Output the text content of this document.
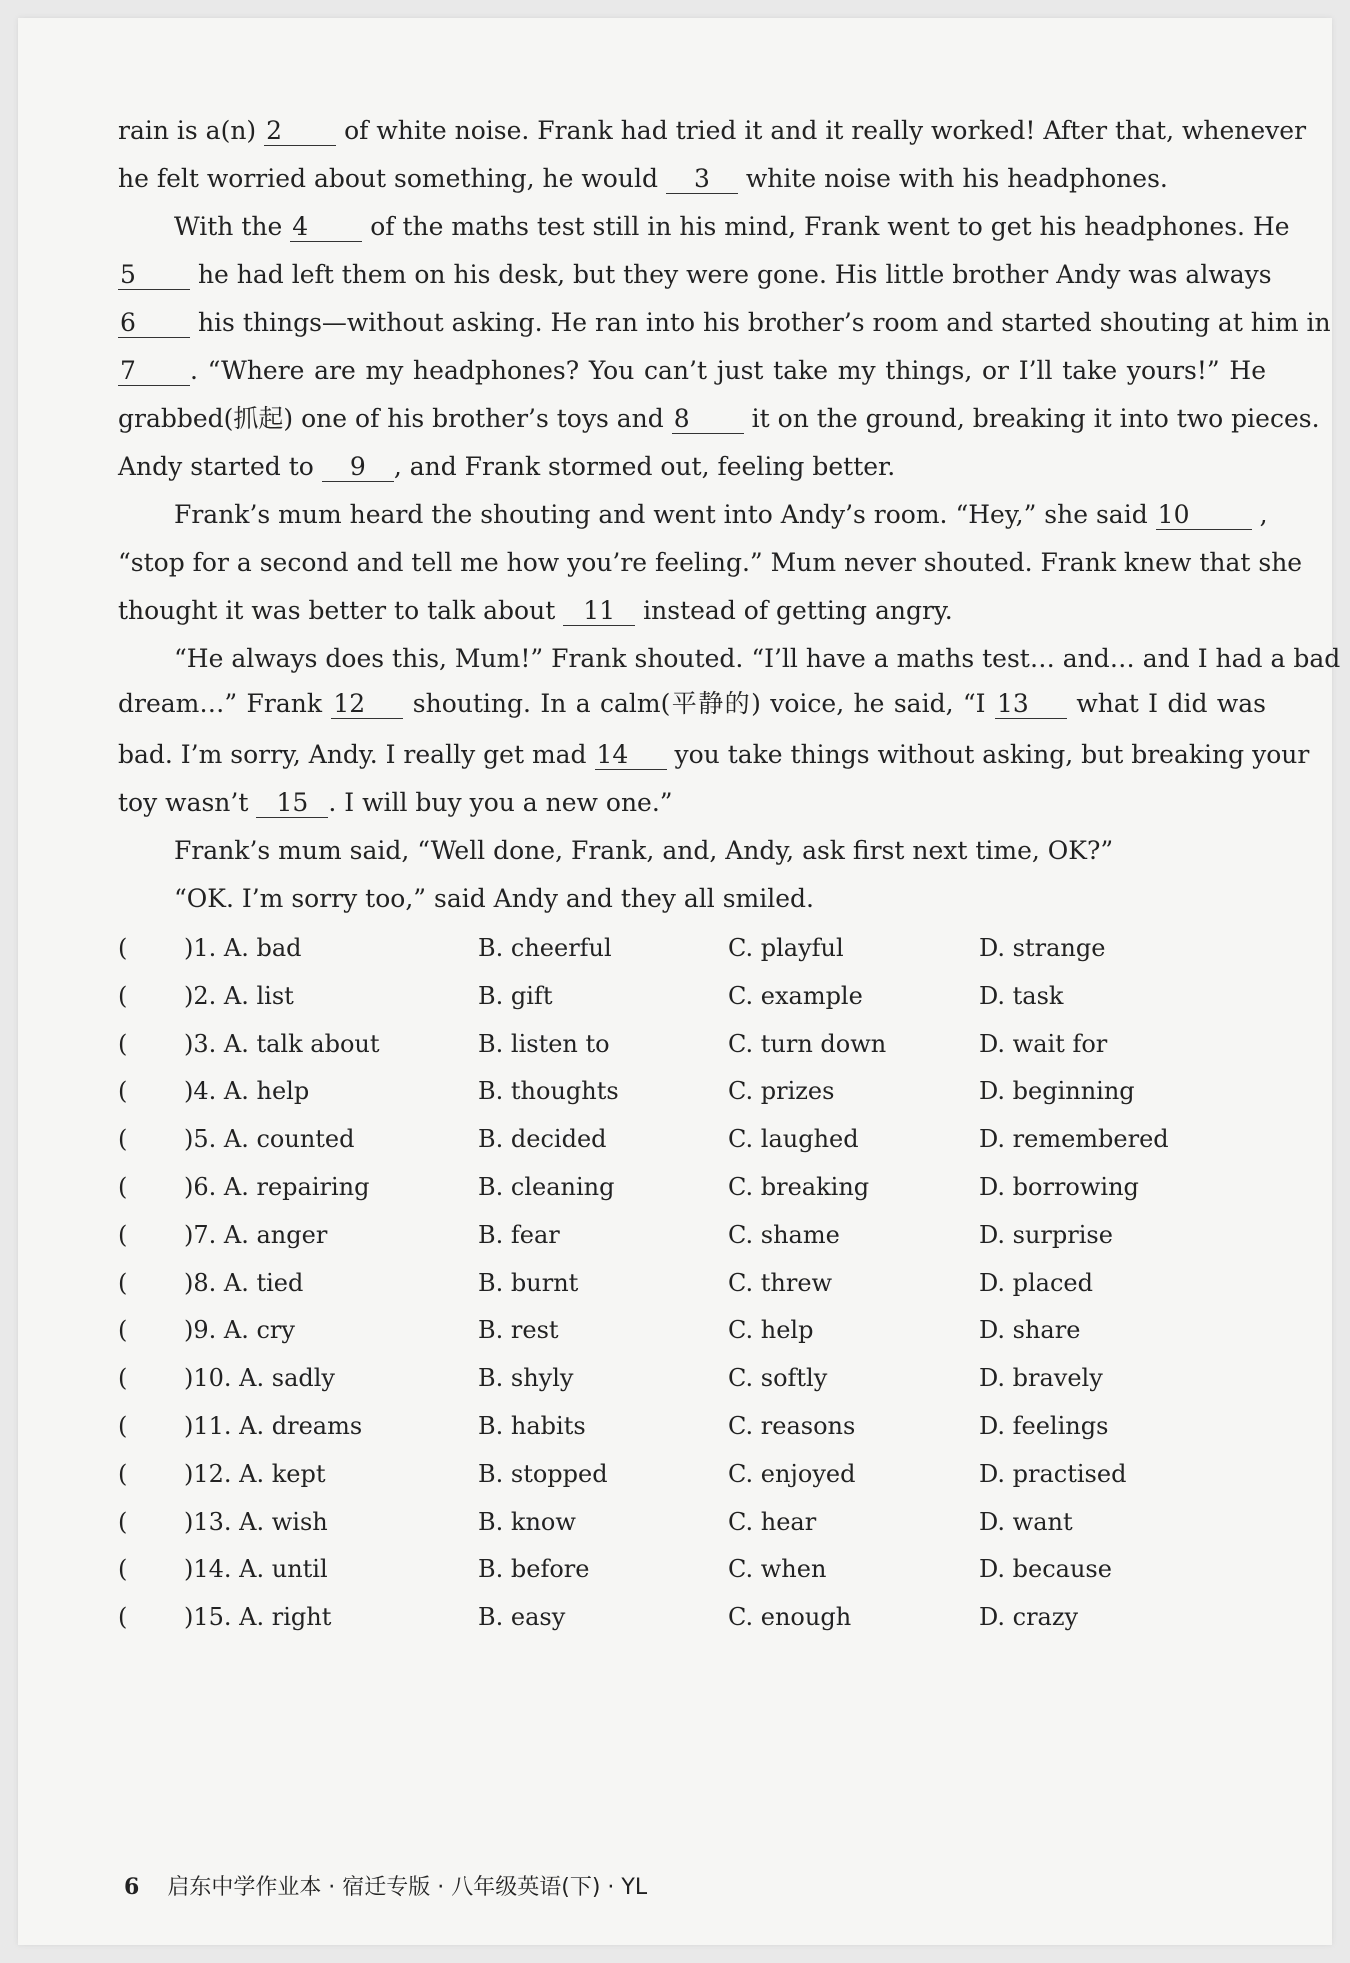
rain is a(n) 2 of white noise. Frank had tried it and it really worked! After that, whenever
he felt worried about something, he would 3 white noise with his headphones.
With the 4 of the maths test still in his mind, Frank went to get his headphones. He
5 he had left them on his desk, but they were gone. His little brother Andy was always
6 his things—without asking. He ran into his brother’s room and started shouting at him in
7 . “Where are my headphones? You can’t just take my things, or I’ll take yours!” He
grabbed(抓起) one of his brother’s toys and 8 it on the ground, breaking it into two pieces.
Andy started to 9 , and Frank stormed out, feeling better.
Frank’s mum heard the shouting and went into Andy’s room. “Hey,” she said 10	,
“stop for a second and tell me how you’re feeling.” Mum never shouted. Frank knew that she
thought it was better to talk about 11 instead of getting angry.
“He always does this, Mum!” Frank shouted. “I’ll have a maths test… and… and I had a bad
dream…” Frank 12 shouting. In a calm(平静的) voice, he said, “I 13 what I did was
bad. I’m sorry, Andy. I really get mad 14 you take things without asking, but breaking your
toy wasn’t 15 . I will buy you a new one.”
Frank’s mum said, “Well done, Frank, and, Andy, ask first next time, OK?”
“OK. I’m sorry too,” said Andy and they all smiled.
( )1. A. bad	B. cheerful	C. playful	D. strange
( )2. A. list	B. gift	C. example	D. task
( )3. A. talk about	B. listen to	C. turn down	D. wait for
( )4. A. help	B. thoughts	C. prizes	D. beginning
( )5. A. counted	B. decided	C. laughed	D. remembered
( )6. A. repairing	B. cleaning	C. breaking	D. borrowing
( )7. A. anger	B. fear	C. shame	D. surprise
( )8. A. tied	B. burnt	C. threw	D. placed
( )9. A. cry	B. rest	C. help	D. share
( )10. A. sadly	B. shyly	C. softly	D. bravely
( )11. A. dreams	B. habits	C. reasons	D. feelings
( )12. A. kept	B. stopped	C. enjoyed	D. practised
( )13. A. wish	B. know	C. hear	D. want
( )14. A. until	B. before	C. when	D. because
( )15. A. right	B. easy	C. enough	D. crazy
6 启东中学作业本 · 宿迁专版 · 八年级英语(下) · YL
